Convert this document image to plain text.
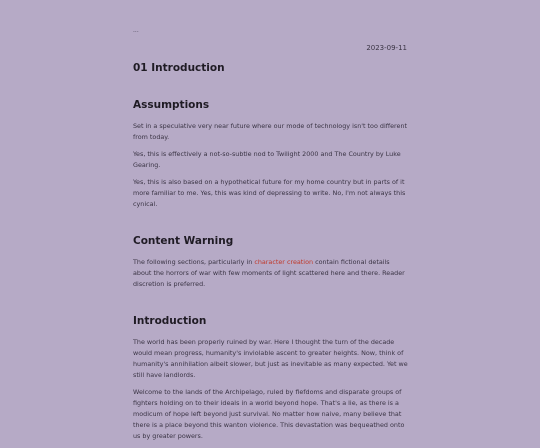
...
2023-09-11
01 Introduction
Assumptions

Set in a speculative very near future where our mode of technology isn't too different from today.

Yes, this is effectively a not-so-subtle nod to Twilight 2000 and The Country by Luke Gearing.

Yes, this is also based on a hypothetical future for my home country but in parts of it more familiar to me. Yes, this was kind of depressing to write. No, I'm not always this cynical.

Content Warning

The following sections, particularly in character creation contain fictional details about the horrors of war with few moments of light scattered here and there. Reader discretion is preferred.

Introduction

The world has been properly ruined by war. Here I thought the turn of the decade would mean progress, humanity's inviolable ascent to greater heights. Now, think of humanity's annihilation albeit slower, but just as inevitable as many expected. Yet we still have landlords.

Welcome to the lands of the Archipelago, ruled by fiefdoms and disparate groups of fighters holding on to their ideals in a world beyond hope. That's a lie, as there is a modicum of hope left beyond just survival. No matter how naive, many believe that there is a place beyond this wanton violence. This devastation was bequeathed onto us by greater powers.
